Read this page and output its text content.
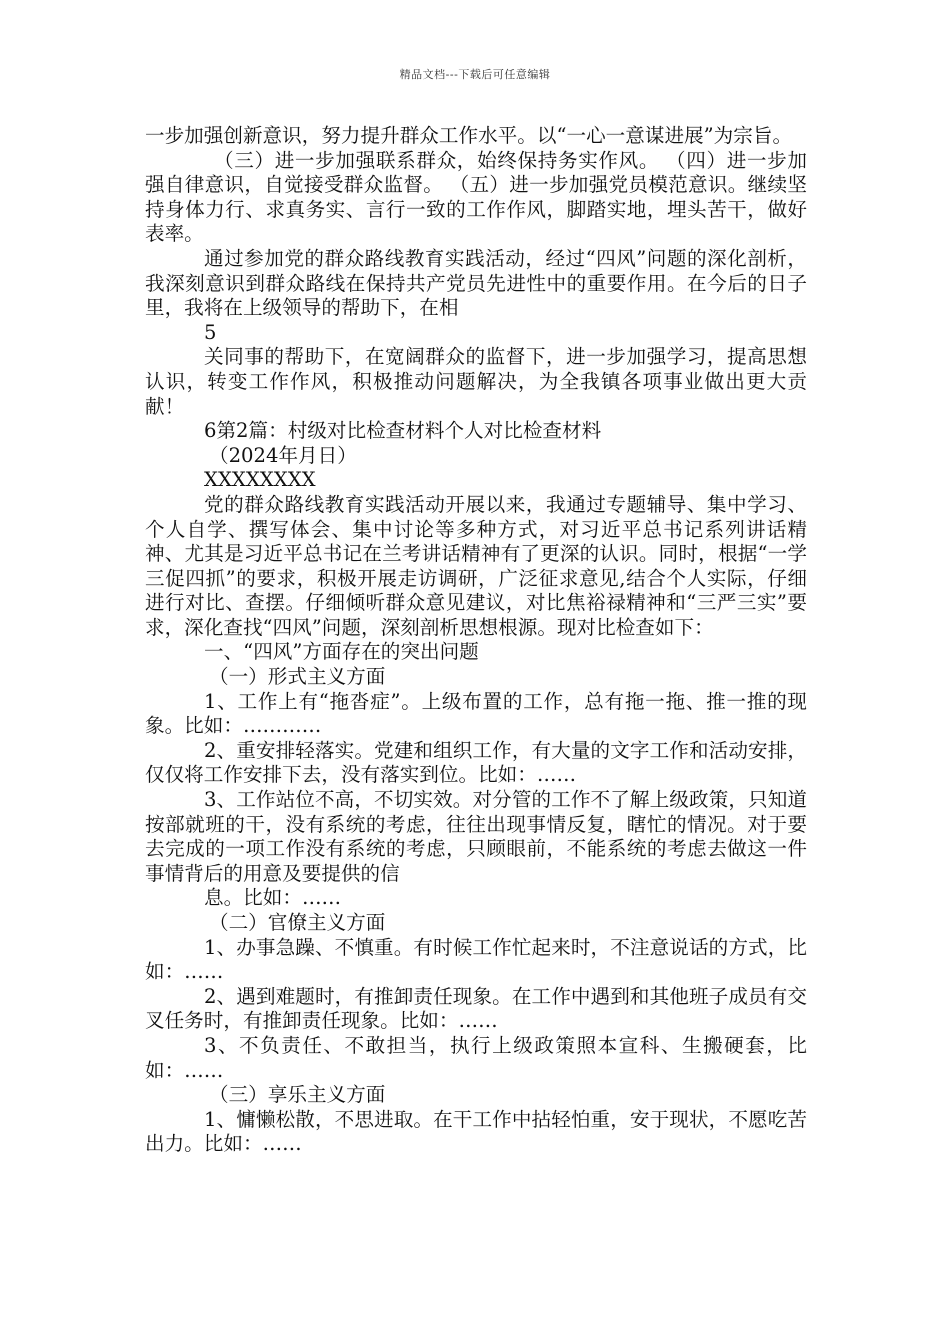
精品文档---下载后可任意编辑

一步加强创新意识，努力提升群众工作水平。以“一心一意谋进展”为宗旨。

（三）进一步加强联系群众，始终保持务实作风。 （四）进一步加强自律意识，自觉接受群众监督。 （五）进一步加强党员模范意识。继续坚持身体力行、求真务实、言行一致的工作作风，脚踏实地，埋头苦干，做好表率。

通过参加党的群众路线教育实践活动，经过“四风”问题的深化剖析，我深刻意识到群众路线在保持共产党员先进性中的重要作用。在今后的日子里，我将在上级领导的帮助下，在相

5

关同事的帮助下，在宽阔群众的监督下，进一步加强学习，提高思想认识，转变工作作风，积极推动问题解决，为全我镇各项事业做出更大贡献！

6第2篇：村级对比检查材料个人对比检查材料

（2024年月日）

XXXXXXXX

党的群众路线教育实践活动开展以来，我通过专题辅导、集中学习、个人自学、撰写体会、集中讨论等多种方式，对习近平总书记系列讲话精神、尤其是习近平总书记在兰考讲话精神有了更深的认识。同时，根据“一学三促四抓”的要求，积极开展走访调研，广泛征求意见,结合个人实际，仔细进行对比、查摆。仔细倾听群众意见建议，对比焦裕禄精神和“三严三实”要求，深化查找“四风”问题，深刻剖析思想根源。现对比检查如下：

一、“四风”方面存在的突出问题

（一）形式主义方面

1、工作上有“拖沓症”。上级布置的工作，总有拖一拖、推一推的现象。比如：…………

2、重安排轻落实。党建和组织工作，有大量的文字工作和活动安排，仅仅将工作安排下去，没有落实到位。比如：……

3、工作站位不高，不切实效。对分管的工作不了解上级政策，只知道按部就班的干，没有系统的考虑，往往出现事情反复，瞎忙的情况。对于要去完成的一项工作没有系统的考虑，只顾眼前，不能系统的考虑去做这一件事情背后的用意及要提供的信

息。比如：……

（二）官僚主义方面

1、办事急躁、不慎重。有时候工作忙起来时，不注意说话的方式，比如：……

2、遇到难题时，有推卸责任现象。在工作中遇到和其他班子成员有交叉任务时，有推卸责任现象。比如：……

3、不负责任、不敢担当，执行上级政策照本宣科、生搬硬套，比如：……

（三）享乐主义方面

1、慵懒松散，不思进取。在干工作中拈轻怕重，安于现状，不愿吃苦出力。比如：……
